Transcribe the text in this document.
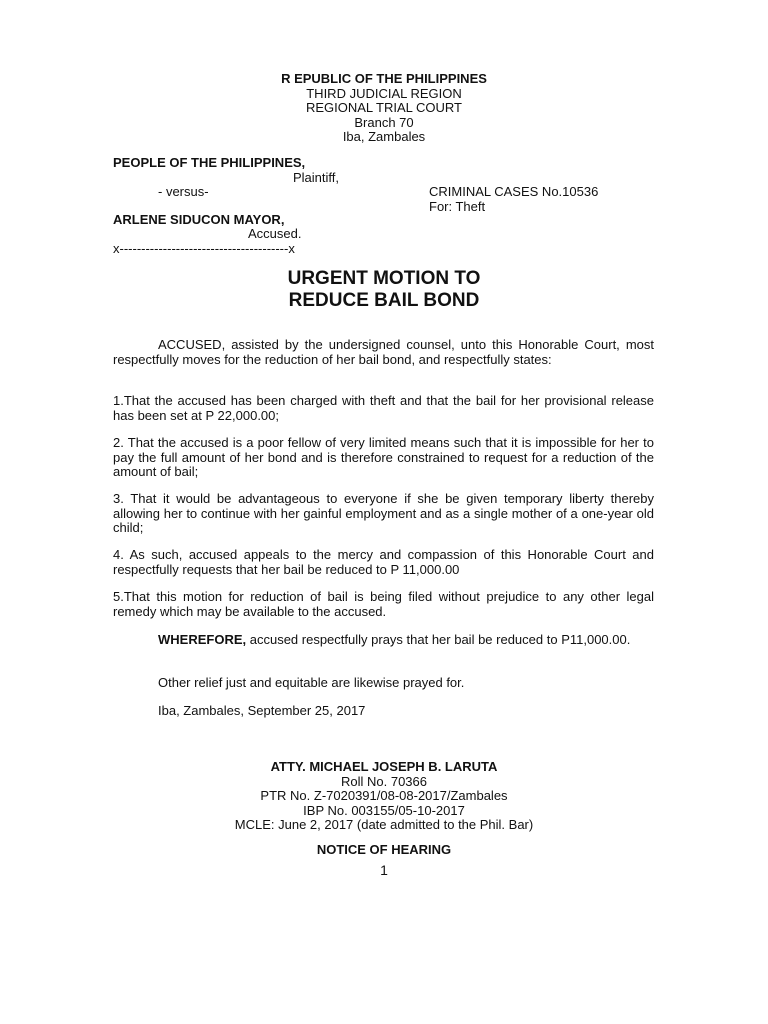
R EPUBLIC OF THE PHILIPPINES
THIRD JUDICIAL REGION
REGIONAL TRIAL COURT
Branch 70
Iba, Zambales
PEOPLE OF THE PHILIPPINES,
Plaintiff,
- versus-	CRIMINAL CASES No.10536
For: Theft
ARLENE SIDUCON MAYOR,
Accused.
x---------------------------------------x
URGENT MOTION TO
REDUCE BAIL BOND
ACCUSED, assisted by the undersigned counsel, unto this Honorable Court, most respectfully moves for the reduction of her bail bond, and respectfully states:
1.That the accused has been charged with theft and that the bail for her provisional release has been set at P 22,000.00;
2. That the accused is a poor fellow of very limited means such that it is impossible for her to pay the full amount of her bond and is therefore constrained to request for a reduction of the amount of bail;
3. That it would be advantageous to everyone if she be given temporary liberty thereby allowing her to continue with her gainful employment and as a single mother of a one-year old child;
4. As such, accused appeals to the mercy and compassion of this Honorable Court and respectfully requests that her bail be reduced to P 11,000.00
5.That this motion for reduction of bail is being filed without prejudice to any other legal remedy which may be available to the accused.
WHEREFORE, accused respectfully prays that her bail be reduced to P11,000.00.
Other relief just and equitable are likewise prayed for.
Iba, Zambales, September 25, 2017
ATTY. MICHAEL JOSEPH B. LARUTA
Roll No. 70366
PTR No. Z-7020391/08-08-2017/Zambales
IBP No. 003155/05-10-2017
MCLE: June 2, 2017 (date admitted to the Phil. Bar)
NOTICE OF HEARING
1
